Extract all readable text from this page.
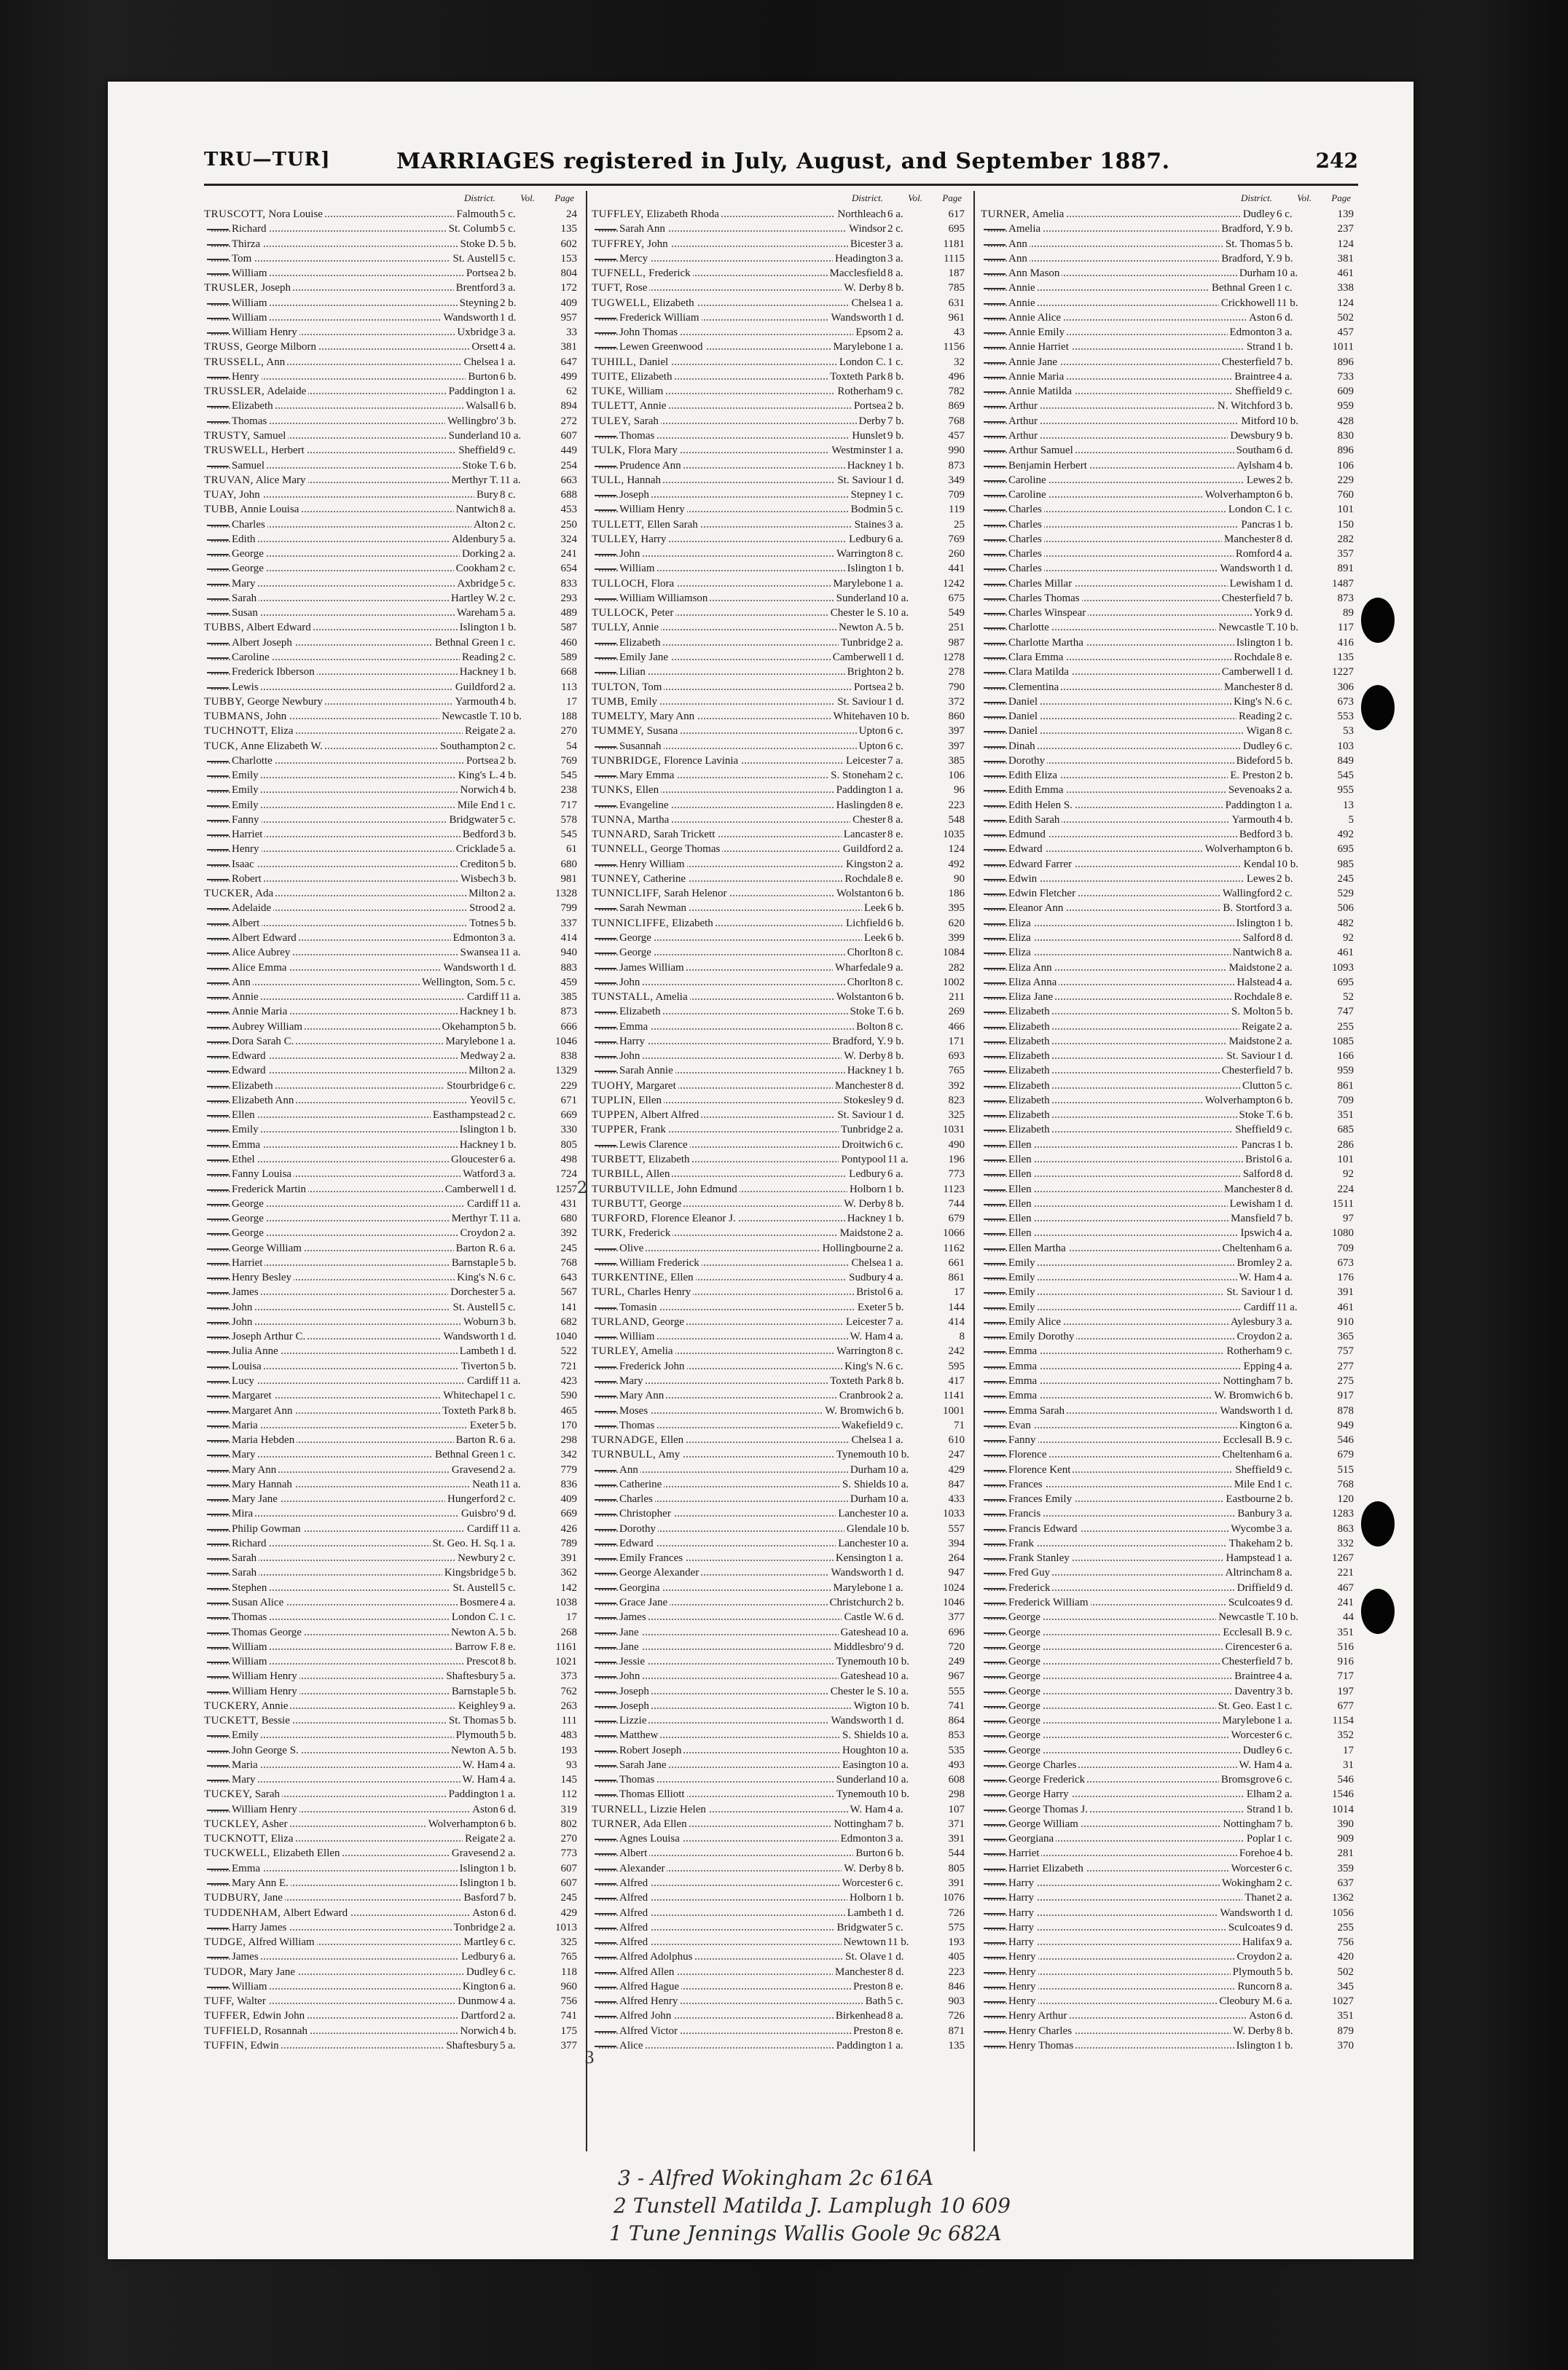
TRU—TUR]	MARRIAGES registered in July, August, and September 1887.	242
District.	Vol. Page
TRUSCOTT, Nora Louise	Falmouth 5 c.	24
Richard	St. Columb 5 c.	135
Thirza	Stoke D. 5 b.	602
Tom	St. Austell 5 c.	153
William	Portsea 2 b.	804
TRUSLER, Joseph	Brentford 3 a.	172
William	Steyning 2 b.	409
William	Wandsworth 1 d.	957
William Henry	Uxbridge 3 a.	33
TRUSS, George Milborn	Orsett 4 a.	381
TRUSSELL, Ann	Chelsea 1 a.	647
Henry	Burton 6 b.	499
TRUSSLER, Adelaide	Paddington 1 a.	62
Elizabeth	Walsall 6 b.	894
Thomas	Wellingbro' 3 b.	272
TRUSTY, Samuel	Sunderland 10 a.	607
TRUSWELL, Herbert	Sheffield 9 c.	449
Samuel	Stoke T. 6 b.	254
TRUVAN, Alice Mary	Merthyr T. 11 a.	663
TUAY, John	Bury 8 c.	688
TUBB, Annie Louisa	Nantwich 8 a.	453
Charles	Alton 2 c.	250
Edith	Aldenbury 5 a.	324
George	Dorking 2 a.	241
George	Cookham 2 c.	654
Mary	Axbridge 5 c.	833
Sarah	Hartley W. 2 c.	293
Susan	Wareham 5 a.	489
TUBBS, Albert Edward	Islington 1 b.	587
Albert Joseph	Bethnal Green 1 c.	460
Caroline	Reading 2 c.	589
Frederick Ibberson	Hackney 1 b.	668
Lewis	Guildford 2 a.	113
TUBBY, George Newbury	Yarmouth 4 b.	17
TUBMANS, John	Newcastle T. 10 b.	188
TUCHNOTT, Eliza	Reigate 2 a.	270
TUCK, Anne Elizabeth W.	Southampton 2 c.	54
Charlotte	Portsea 2 b.	769
Emily	King's L. 4 b.	545
Emily	Norwich 4 b.	238
Emily	Mile End 1 c.	717
Fanny	Bridgwater 5 c.	578
Harriet	Bedford 3 b.	545
Henry	Cricklade 5 a.	61
Isaac	Crediton 5 b.	680
Robert	Wisbech 3 b.	981
TUCKER, Ada	Milton 2 a.	1328
Adelaide	Strood 2 a.	799
Albert	Totnes 5 b.	337
Albert Edward	Edmonton 3 a.	414
Alice Aubrey	Swansea 11 a.	940
Alice Emma	Wandsworth 1 d.	883
Ann	Wellington, Som. 5 c.	459
Annie	Cardiff 11 a.	385
Annie Maria	Hackney 1 b.	873
Aubrey William	Okehampton 5 b.	666
Dora Sarah C.	Marylebone 1 a.	1046
Edward	Medway 2 a.	838
Edward	Milton 2 a.	1329
Elizabeth	Stourbridge 6 c.	229
Elizabeth Ann	Yeovil 5 c.	671
Ellen	Easthampstead 2 c.	669
Emily	Islington 1 b.	330
Emma	Hackney 1 b.	805
Ethel	Gloucester 6 a.	498
Fanny Louisa	Watford 3 a.	724
Frederick Martin	Camberwell 1 d.	1257
George	Cardiff 11 a.	431
George	Merthyr T. 11 a.	680
George	Croydon 2 a.	392
George William	Barton R. 6 a.	245
Harriet	Barnstaple 5 b.	768
Henry Besley	King's N. 6 c.	643
James	Dorchester 5 a.	567
John	St. Austell 5 c.	141
John	Woburn 3 b.	682
Joseph Arthur C.	Wandsworth 1 d.	1040
Julia Anne	Lambeth 1 d.	522
Louisa	Tiverton 5 b.	721
Lucy	Cardiff 11 a.	423
Margaret	Whitechapel 1 c.	590
Margaret Ann	Toxteth Park 8 b.	465
Maria	Exeter 5 b.	170
Maria Hebden	Barton R. 6 a.	298
Mary	Bethnal Green 1 c.	342
Mary Ann	Gravesend 2 a.	779
Mary Hannah	Neath 11 a.	836
Mary Jane	Hungerford 2 c.	409
Mira	Guisbro' 9 d.	669
Philip Gowman	Cardiff 11 a.	426
Richard	St. Geo. H. Sq. 1 a.	789
Sarah	Newbury 2 c.	391
Sarah	Kingsbridge 5 b.	362
Stephen	St. Austell 5 c.	142
Susan Alice	Bosmere 4 a.	1038
Thomas	London C. 1 c.	17
Thomas George	Newton A. 5 b.	268
William	Barrow F. 8 e.	1161
William	Prescot 8 b.	1021
William Henry	Shaftesbury 5 a.	373
William Henry	Barnstaple 5 b.	762
TUCKERY, Annie	Keighley 9 a.	263
TUCKETT, Bessie	St. Thomas 5 b.	111
Emily	Plymouth 5 b.	483
John George S.	Newton A. 5 b.	193
Maria	W. Ham 4 a.	93
Mary	W. Ham 4 a.	145
TUCKEY, Sarah	Paddington 1 a.	112
William Henry	Aston 6 d.	319
TUCKLEY, Asher	Wolverhampton 6 b.	802
TUCKNOTT, Eliza	Reigate 2 a.	270
TUCKWELL, Elizabeth Ellen	Gravesend 2 a.	773
Emma	Islington 1 b.	607
Mary Ann E.	Islington 1 b.	607
TUDBURY, Jane	Basford 7 b.	245
TUDDENHAM, Albert Edward	Aston 6 d.	429
Harry James	Tonbridge 2 a.	1013
TUDGE, Alfred William	Martley 6 c.	325
James	Ledbury 6 a.	765
TUDOR, Mary Jane	Dudley 6 c.	118
William	Kington 6 a.	960
TUFF, Walter	Dunmow 4 a.	756
TUFFER, Edwin John	Dartford 2 a.	741
TUFFIELD, Rosannah	Norwich 4 b.	175
TUFFIN, Edwin	Shaftesbury 5 a.	377
District.	Vol. Page
TUFFLEY, Elizabeth Rhoda	Northleach 6 a.	617
Sarah Ann	Windsor 2 c.	695
TUFFREY, John	Bicester 3 a.	1181
Mercy	Headington 3 a.	1115
TUFNELL, Frederick	Macclesfield 8 a.	187
TUFT, Rose	W. Derby 8 b.	785
TUGWELL, Elizabeth	Chelsea 1 a.	631
Frederick William	Wandsworth 1 d.	961
John Thomas	Epsom 2 a.	43
Lewen Greenwood	Marylebone 1 a.	1156
TUHILL, Daniel	London C. 1 c.	32
TUITE, Elizabeth	Toxteth Park 8 b.	496
TUKE, William	Rotherham 9 c.	782
TULETT, Annie	Portsea 2 b.	869
TULEY, Sarah	Derby 7 b.	768
Thomas	Hunslet 9 b.	457
TULK, Flora Mary	Westminster 1 a.	990
Prudence Ann	Hackney 1 b.	873
TULL, Hannah	St. Saviour 1 d.	349
Joseph	Stepney 1 c.	709
William Henry	Bodmin 5 c.	119
TULLETT, Ellen Sarah	Staines 3 a.	25
TULLEY, Harry	Ledbury 6 a.	769
John	Warrington 8 c.	260
William	Islington 1 b.	441
TULLOCH, Flora	Marylebone 1 a.	1242
William Williamson	Sunderland 10 a.	675
TULLOCK, Peter	Chester le S. 10 a.	549
TULLY, Annie	Newton A. 5 b.	251
Elizabeth	Tunbridge 2 a.	987
Emily Jane	Camberwell 1 d.	1278
Lilian	Brighton 2 b.	278
TULTON, Tom	Portsea 2 b.	790
TUMB, Emily	St. Saviour 1 d.	372
TUMELTY, Mary Ann	Whitehaven 10 b.	860
TUMMEY, Susana	Upton 6 c.	397
Susannah	Upton 6 c.	397
TUNBRIDGE, Florence Lavinia	Leicester 7 a.	385
Mary Emma	S. Stoneham 2 c.	106
TUNKS, Ellen	Paddington 1 a.	96
Evangeline	Haslingden 8 e.	223
TUNNA, Martha	Chester 8 a.	548
TUNNARD, Sarah Trickett	Lancaster 8 e.	1035
TUNNELL, George Thomas	Guildford 2 a.	124
Henry William	Kingston 2 a.	492
TUNNEY, Catherine	Rochdale 8 e.	90
TUNNICLIFF, Sarah Helenor	Wolstanton 6 b.	186
Sarah Newman	Leek 6 b.	395
TUNNICLIFFE, Elizabeth	Lichfield 6 b.	620
George	Leek 6 b.	399
George	Chorlton 8 c.	1084
James William	Wharfedale 9 a.	282
John	Chorlton 8 c.	1002
TUNSTALL, Amelia	Wolstanton 6 b.	211
Elizabeth	Stoke T. 6 b.	269
Emma	Bolton 8 c.	466
Harry	Bradford, Y. 9 b.	171
John	W. Derby 8 b.	693
Sarah Annie	Hackney 1 b.	765
TUOHY, Margaret	Manchester 8 d.	392
TUPLIN, Ellen	Stokesley 9 d.	823
TUPPEN, Albert Alfred	St. Saviour 1 d.	325
TUPPER, Frank	Tunbridge 2 a.	1031
Lewis Clarence	Droitwich 6 c.	490
TURBETT, Elizabeth	Pontypool 11 a.	196
TURBILL, Allen	Ledbury 6 a.	773
TURBUTVILLE, John Edmund	Holborn 1 b.	1123
TURBUTT, George	W. Derby 8 b.	744
TURFORD, Florence Eleanor J.	Hackney 1 b.	679
TURK, Frederick	Maidstone 2 a.	1066
Olive	Hollingbourne 2 a.	1162
William Frederick	Chelsea 1 a.	661
TURKENTINE, Ellen	Sudbury 4 a.	861
TURL, Charles Henry	Bristol 6 a.	17
Tomasin	Exeter 5 b.	144
TURLAND, George	Leicester 7 a.	414
William	W. Ham 4 a.	8
TURLEY, Amelia	Warrington 8 c.	242
Frederick John	King's N. 6 c.	595
Mary	Toxteth Park 8 b.	417
Mary Ann	Cranbrook 2 a.	1141
Moses	W. Bromwich 6 b.	1001
Thomas	Wakefield 9 c.	71
TURNADGE, Ellen	Chelsea 1 a.	610
TURNBULL, Amy	Tynemouth 10 b.	247
Ann	Durham 10 a.	429
Catherine	S. Shields 10 a.	847
Charles	Durham 10 a.	433
Christopher	Lanchester 10 a.	1033
Dorothy	Glendale 10 b.	557
Edward	Lanchester 10 a.	394
Emily Frances	Kensington 1 a.	264
George Alexander	Wandsworth 1 d.	947
Georgina	Marylebone 1 a.	1024
Grace Jane	Christchurch 2 b.	1046
James	Castle W. 6 d.	377
Jane	Gateshead 10 a.	696
Jane	Middlesbro' 9 d.	720
Jessie	Tynemouth 10 b.	249
John	Gateshead 10 a.	967
Joseph	Chester le S. 10 a.	555
Joseph	Wigton 10 b.	741
Lizzie	Wandsworth 1 d.	864
Matthew	S. Shields 10 a.	853
Robert Joseph	Houghton 10 a.	535
Sarah Jane	Easington 10 a.	493
Thomas	Sunderland 10 a.	608
Thomas Elliott	Tynemouth 10 b.	298
TURNELL, Lizzie Helen	W. Ham 4 a.	107
TURNER, Ada Ellen	Nottingham 7 b.	371
Agnes Louisa	Edmonton 3 a.	391
Albert	Burton 6 b.	544
Alexander	W. Derby 8 b.	805
Alfred	Worcester 6 c.	391
Alfred	Holborn 1 b.	1076
Alfred	Lambeth 1 d.	726
Alfred	Bridgwater 5 c.	575
Alfred	Newtown 11 b.	193
Alfred Adolphus	St. Olave 1 d.	405
Alfred Allen	Manchester 8 d.	223
Alfred Hague	Preston 8 e.	846
Alfred Henry	Bath 5 c.	903
Alfred John	Birkenhead 8 a.	726
Alfred Victor	Preston 8 e.	871
Alice	Paddington 1 a.	135
District.	Vol. Page
TURNER, Amelia	Dudley 6 c.	139
Amelia	Bradford, Y. 9 b.	237
Ann	St. Thomas 5 b.	124
Ann	Bradford, Y. 9 b.	381
Ann Mason	Durham 10 a.	461
Annie	Bethnal Green 1 c.	338
Annie	Crickhowell 11 b.	124
Annie Alice	Aston 6 d.	502
Annie Emily	Edmonton 3 a.	457
Annie Harriet	Strand 1 b.	1011
Annie Jane	Chesterfield 7 b.	896
Annie Maria	Braintree 4 a.	733
Annie Matilda	Sheffield 9 c.	609
Arthur	N. Witchford 3 b.	959
Arthur	Mitford 10 b.	428
Arthur	Dewsbury 9 b.	830
Arthur Samuel	Southam 6 d.	896
Benjamin Herbert	Aylsham 4 b.	106
Caroline	Lewes 2 b.	229
Caroline	Wolverhampton 6 b.	760
Charles	London C. 1 c.	101
Charles	Pancras 1 b.	150
Charles	Manchester 8 d.	282
Charles	Romford 4 a.	357
Charles	Wandsworth 1 d.	891
Charles Millar	Lewisham 1 d.	1487
Charles Thomas	Chesterfield 7 b.	873
Charles Winspear	York 9 d.	89
Charlotte	Newcastle T. 10 b.	117
Charlotte Martha	Islington 1 b.	416
Clara Emma	Rochdale 8 e.	135
Clara Matilda	Camberwell 1 d.	1227
Clementina	Manchester 8 d.	306
Daniel	King's N. 6 c.	673
Daniel	Reading 2 c.	553
Daniel	Wigan 8 c.	53
Dinah	Dudley 6 c.	103
Dorothy	Bideford 5 b.	849
Edith Eliza	E. Preston 2 b.	545
Edith Emma	Sevenoaks 2 a.	955
Edith Helen S.	Paddington 1 a.	13
Edith Sarah	Yarmouth 4 b.	5
Edmund	Bedford 3 b.	492
Edward	Wolverhampton 6 b.	695
Edward Farrer	Kendal 10 b.	985
Edwin	Lewes 2 b.	245
Edwin Fletcher	Wallingford 2 c.	529
Eleanor Ann	B. Stortford 3 a.	506
Eliza	Islington 1 b.	482
Eliza	Salford 8 d.	92
Eliza	Nantwich 8 a.	461
Eliza Ann	Maidstone 2 a.	1093
Eliza Anna	Halstead 4 a.	695
Eliza Jane	Rochdale 8 e.	52
Elizabeth	S. Molton 5 b.	747
Elizabeth	Reigate 2 a.	255
Elizabeth	Maidstone 2 a.	1085
Elizabeth	St. Saviour 1 d.	166
Elizabeth	Chesterfield 7 b.	959
Elizabeth	Clutton 5 c.	861
Elizabeth	Wolverhampton 6 b.	709
Elizabeth	Stoke T. 6 b.	351
Elizabeth	Sheffield 9 c.	685
Ellen	Pancras 1 b.	286
Ellen	Bristol 6 a.	101
Ellen	Salford 8 d.	92
Ellen	Manchester 8 d.	224
Ellen	Lewisham 1 d.	1511
Ellen	Mansfield 7 b.	97
Ellen	Ipswich 4 a.	1080
Ellen Martha	Cheltenham 6 a.	709
Emily	Bromley 2 a.	673
Emily	W. Ham 4 a.	176
Emily	St. Saviour 1 d.	391
Emily	Cardiff 11 a.	461
Emily Alice	Aylesbury 3 a.	910
Emily Dorothy	Croydon 2 a.	365
Emma	Rotherham 9 c.	757
Emma	Epping 4 a.	277
Emma	Nottingham 7 b.	275
Emma	W. Bromwich 6 b.	917
Emma Sarah	Wandsworth 1 d.	878
Evan	Kington 6 a.	949
Fanny	Ecclesall B. 9 c.	546
Florence	Cheltenham 6 a.	679
Florence Kent	Sheffield 9 c.	515
Frances	Mile End 1 c.	768
Frances Emily	Eastbourne 2 b.	120
Francis	Banbury 3 a.	1283
Francis Edward	Wycombe 3 a.	863
Frank	Thakeham 2 b.	332
Frank Stanley	Hampstead 1 a.	1267
Fred Guy	Altrincham 8 a.	221
Frederick	Driffield 9 d.	467
Frederick William	Sculcoates 9 d.	241
George	Newcastle T. 10 b.	44
George	Ecclesall B. 9 c.	351
George	Cirencester 6 a.	516
George	Chesterfield 7 b.	916
George	Braintree 4 a.	717
George	Daventry 3 b.	197
George	St. Geo. East 1 c.	677
George	Marylebone 1 a.	1154
George	Worcester 6 c.	352
George	Dudley 6 c.	17
George Charles	W. Ham 4 a.	31
George Frederick	Bromsgrove 6 c.	546
George Harry	Elham 2 a.	1546
George Thomas J.	Strand 1 b.	1014
George William	Nottingham 7 b.	390
Georgiana	Poplar 1 c.	909
Harriet	Forehoe 4 b.	281
Harriet Elizabeth	Worcester 6 c.	359
Harry	Wokingham 2 c.	637
Harry	Thanet 2 a.	1362
Harry	Wandsworth 1 d.	1056
Harry	Sculcoates 9 d.	255
Harry	Halifax 9 a.	756
Henry	Croydon 2 a.	420
Henry	Plymouth 5 b.	502
Henry	Runcorn 8 a.	345
Henry	Cleobury M. 6 a.	1027
Henry Arthur	Aston 6 d.	351
Henry Charles	W. Derby 8 b.	879
Henry Thomas	Islington 1 b.	370
2
3
3 - Alfred Wokingham 2c 616A
2 Tunstell Matilda J. Lamplugh 10 609
1 Tune Jennings Wallis Goole 9c 682A
